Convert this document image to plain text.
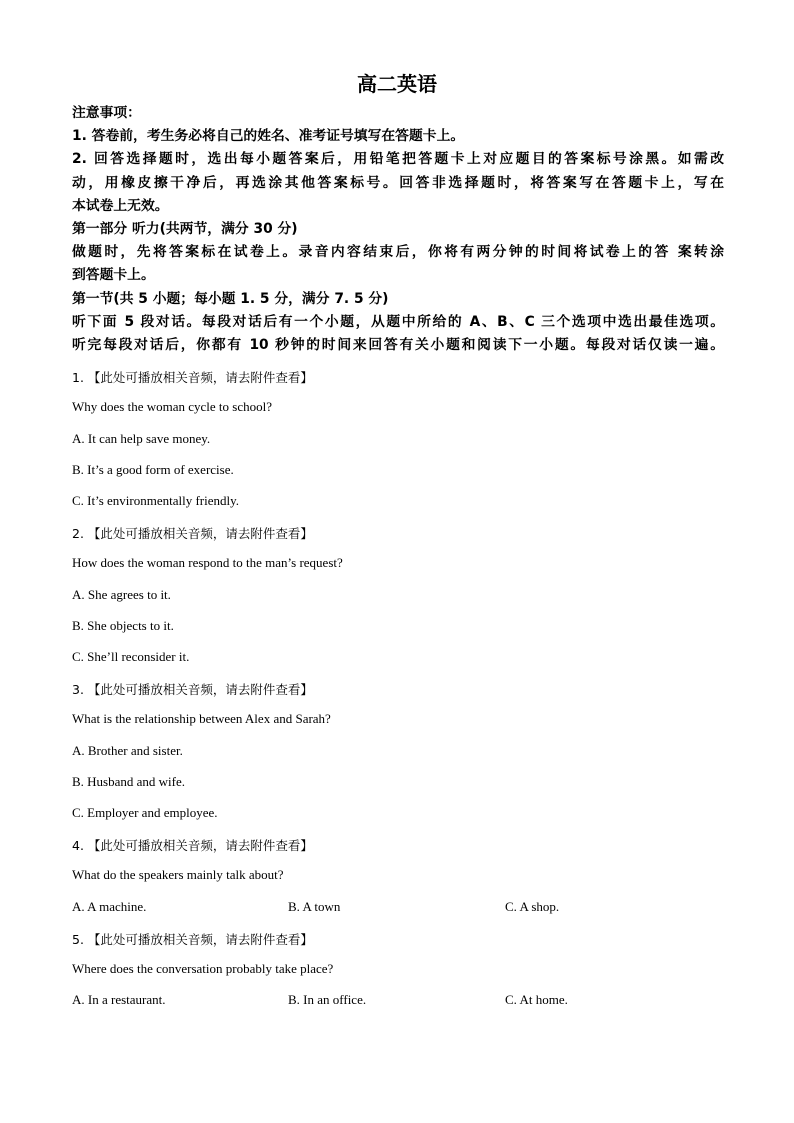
高二英语
注意事项：
1. 答卷前，考生务必将自己的姓名、准考证号填写在答题卡上。
2. 回答选择题时，选出每小题答案后，用铅笔把答题卡上对应题目的答案标号涂黑。如需改
动，用橡皮擦干净后，再选涂其他答案标号。回答非选择题时，将答案写在答题卡上，写在
本试卷上无效。
第一部分 听力(共两节，满分 30 分)
做题时，先将答案标在试卷上。录音内容结束后，你将有两分钟的时间将试卷上的答 案转涂
到答题卡上。
第一节(共 5 小题；每小题 1. 5 分，满分 7. 5 分)
听下面 5 段对话。每段对话后有一个小题，从题中所给的 A、B、C 三个选项中选出最佳选项。
听完每段对话后，你都有 10 秒钟的时间来回答有关小题和阅读下一小题。每段对话仅读一遍。
1. 【此处可播放相关音频，请去附件查看】
Why does the woman cycle to school?
A. It can help save money.
B. It’s a good form of exercise.
C. It’s environmentally friendly.
2. 【此处可播放相关音频，请去附件查看】
How does the woman respond to the man’s request?
A. She agrees to it.
B. She objects to it.
C. She’ll reconsider it.
3. 【此处可播放相关音频，请去附件查看】
What is the relationship between Alex and Sarah?
A. Brother and sister.
B. Husband and wife.
C. Employer and employee.
4. 【此处可播放相关音频，请去附件查看】
What do the speakers mainly talk about?
A. A machine.	B. A town	C. A shop.
5. 【此处可播放相关音频，请去附件查看】
Where does the conversation probably take place?
A. In a restaurant.	B. In an office.	C. At home.
